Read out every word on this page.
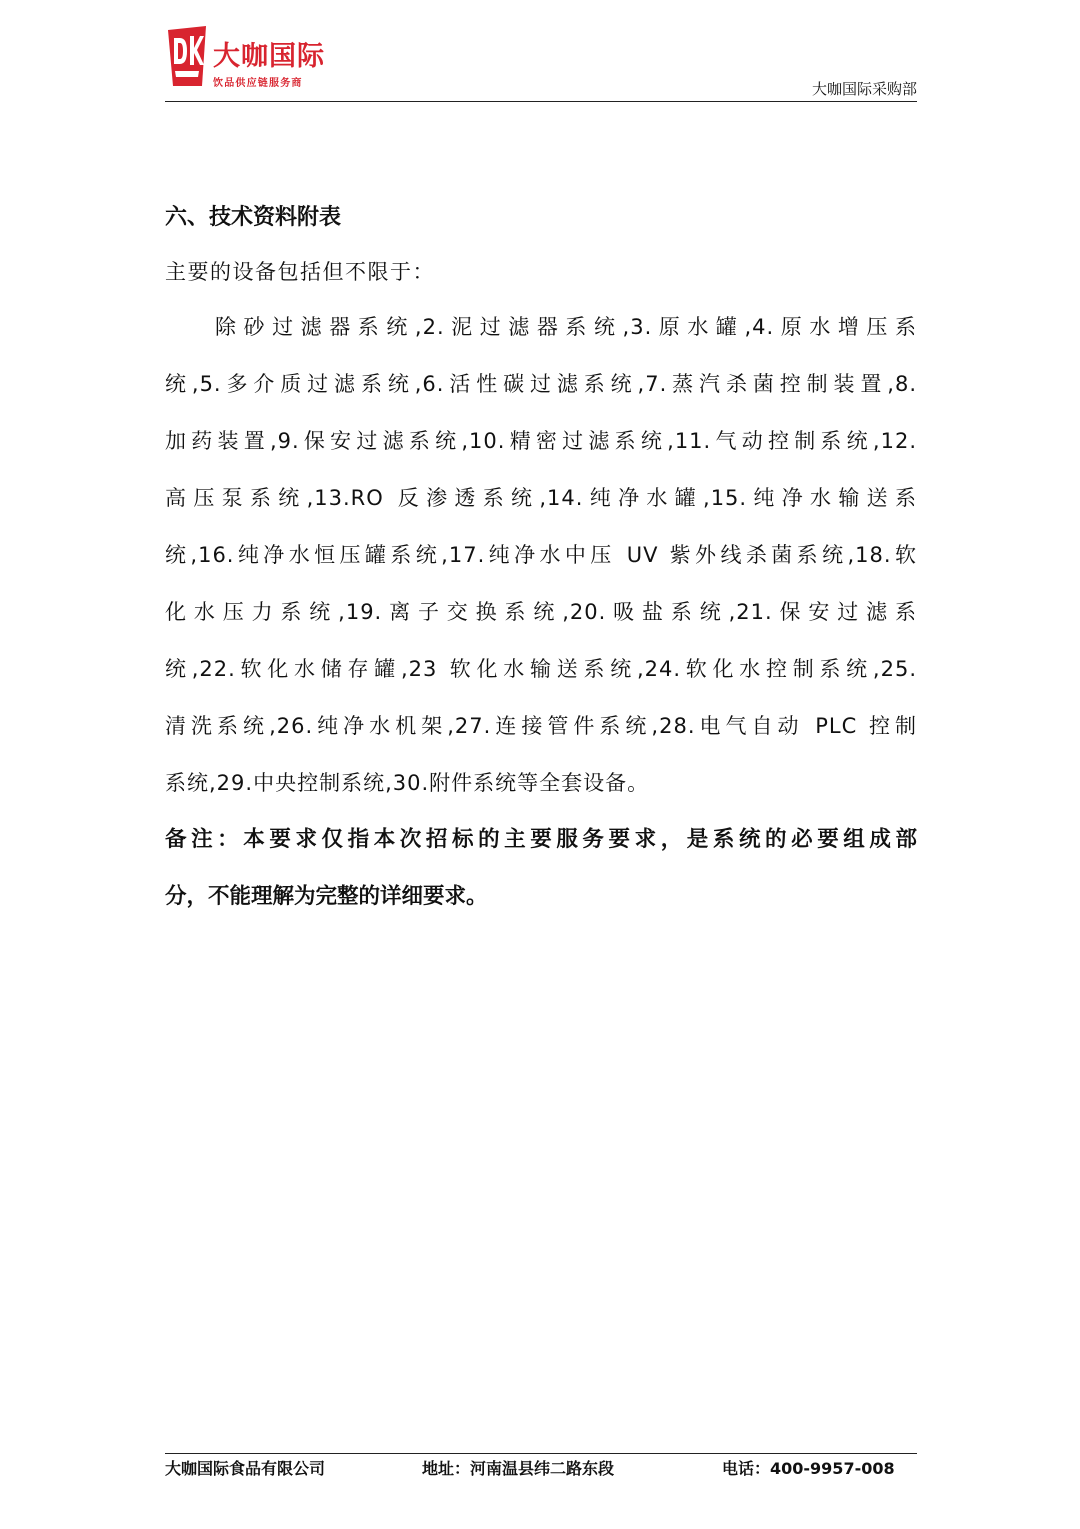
DK
大咖国际
饮品供应链服务商	大咖国际采购部
六、技术资料附表

主要的设备包括但不限于：

除砂过滤器系统,2.泥过滤器系统,3.原水罐,4.原水增压系
统,5.多介质过滤系统,6.活性碳过滤系统,7.蒸汽杀菌控制装置,8.
加药装置,9.保安过滤系统,10.精密过滤系统,11.气动控制系统,12.
高压泵系统,13.RO 反渗透系统,14.纯净水罐,15.纯净水输送系
统,16.纯净水恒压罐系统,17.纯净水中压 UV 紫外线杀菌系统,18.软
化水压力系统,19.离子交换系统,20.吸盐系统,21.保安过滤系
统,22.软化水储存罐,23 软化水输送系统,24.软化水控制系统,25.
清洗系统,26.纯净水机架,27.连接管件系统,28.电气自动 PLC 控制
系统,29.中央控制系统,30.附件系统等全套设备。
备注：本要求仅指本次招标的主要服务要求，是系统的必要组成部
分，不能理解为完整的详细要求。
大咖国际食品有限公司	地址：河南温县纬二路东段	电话：400-9957-008
